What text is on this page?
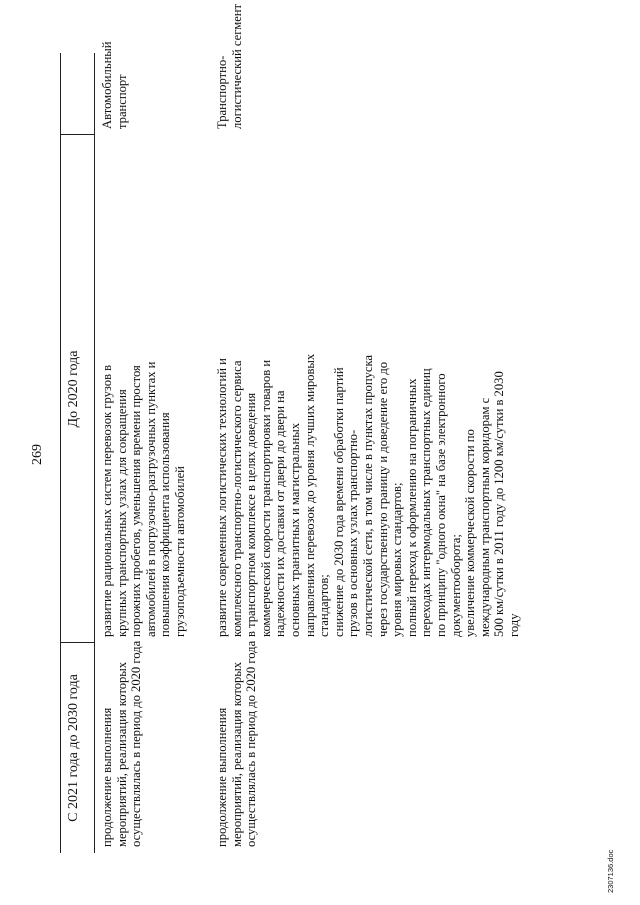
269
До 2020 года
С 2021 года до 2030 года
Автомобильный транспорт
развитие рациональных систем перевозок грузов в крупных транспортных узлах для сокращения порожних пробегов, уменьшения времени простоя автомобилей в погрузочно-разгрузочных пунктах и повышения коэффициента использования грузоподъемности автомобилей
продолжение выполнения мероприятий, реализация которых осуществлялась в период до 2020 года
Транспортно- логистический сегмент
развитие современных логистических технологий и комплексного транспортно-логистического сервиса в транспортном комплексе в целях доведения коммерческой скорости транспортировки товаров и надежности их доставки от двери до двери на основных транзитных и магистральных направлениях перевозок до уровня лучших мировых стандартов; снижение до 2030 года времени обработки партий грузов в основных узлах транспортно- логистической сети, в том числе в пунктах пропуска через государственную границу и доведение его до уровня мировых стандартов; полный переход к оформлению на пограничных переходах интермодальных транспортных единиц по принципу "одного окна" на базе электронного документооборота; увеличение коммерческой скорости по международным транспортным коридорам с 500 км/сутки в 2011 году до 1200 км/сутки в 2030 году
продолжение выполнения мероприятий, реализация которых осуществлялась в период до 2020 года
2307136.doc
